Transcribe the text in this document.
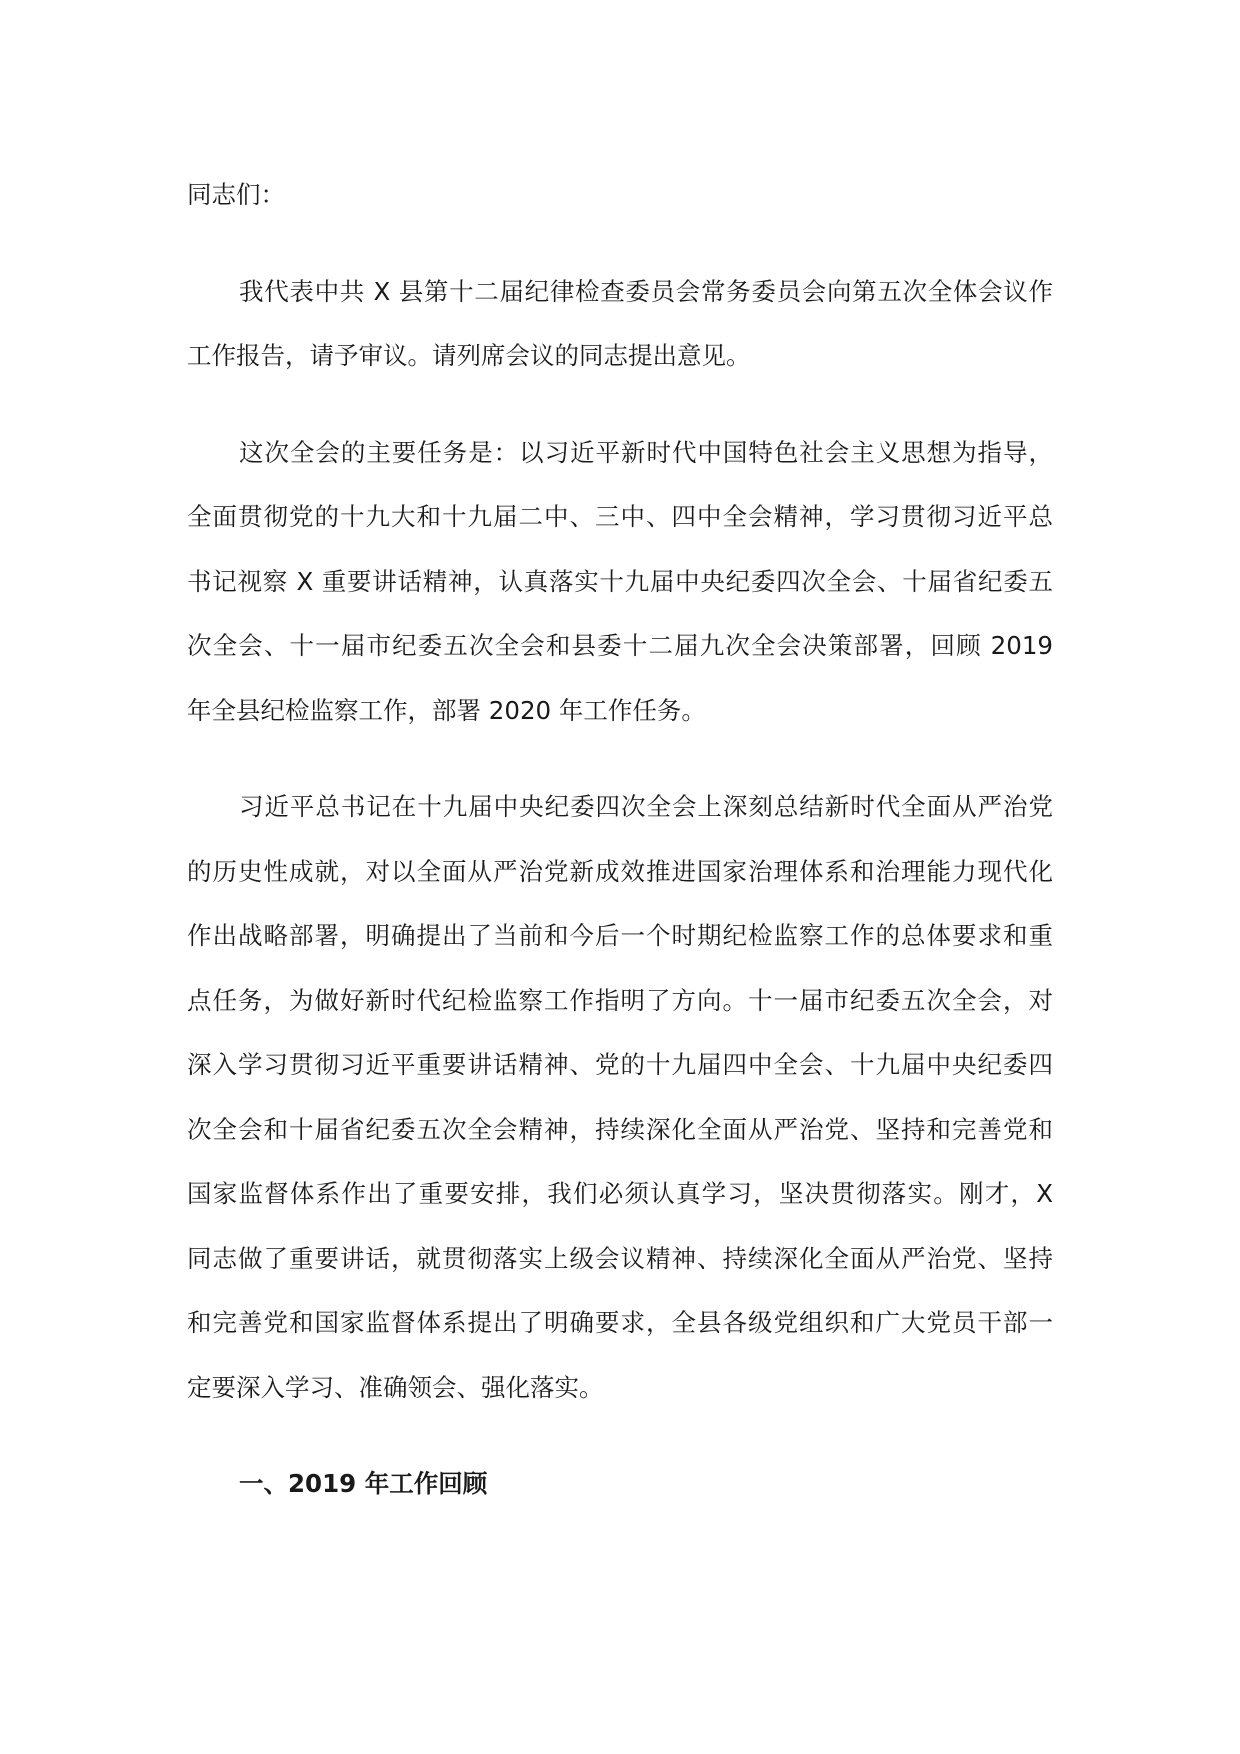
同志们：
我代表中共 X 县第十二届纪律检查委员会常务委员会向第五次全体会议作
工作报告，请予审议。请列席会议的同志提出意见。
这次全会的主要任务是：以习近平新时代中国特色社会主义思想为指导，
全面贯彻党的十九大和十九届二中、三中、四中全会精神，学习贯彻习近平总
书记视察 X 重要讲话精神，认真落实十九届中央纪委四次全会、十届省纪委五
次全会、十一届市纪委五次全会和县委十二届九次全会决策部署，回顾 2019
年全县纪检监察工作，部署 2020 年工作任务。
习近平总书记在十九届中央纪委四次全会上深刻总结新时代全面从严治党
的历史性成就，对以全面从严治党新成效推进国家治理体系和治理能力现代化
作出战略部署，明确提出了当前和今后一个时期纪检监察工作的总体要求和重
点任务，为做好新时代纪检监察工作指明了方向。十一届市纪委五次全会，对
深入学习贯彻习近平重要讲话精神、党的十九届四中全会、十九届中央纪委四
次全会和十届省纪委五次全会精神，持续深化全面从严治党、坚持和完善党和
国家监督体系作出了重要安排，我们必须认真学习，坚决贯彻落实。刚才，X
同志做了重要讲话，就贯彻落实上级会议精神、持续深化全面从严治党、坚持
和完善党和国家监督体系提出了明确要求，全县各级党组织和广大党员干部一
定要深入学习、准确领会、强化落实。
一、2019 年工作回顾
